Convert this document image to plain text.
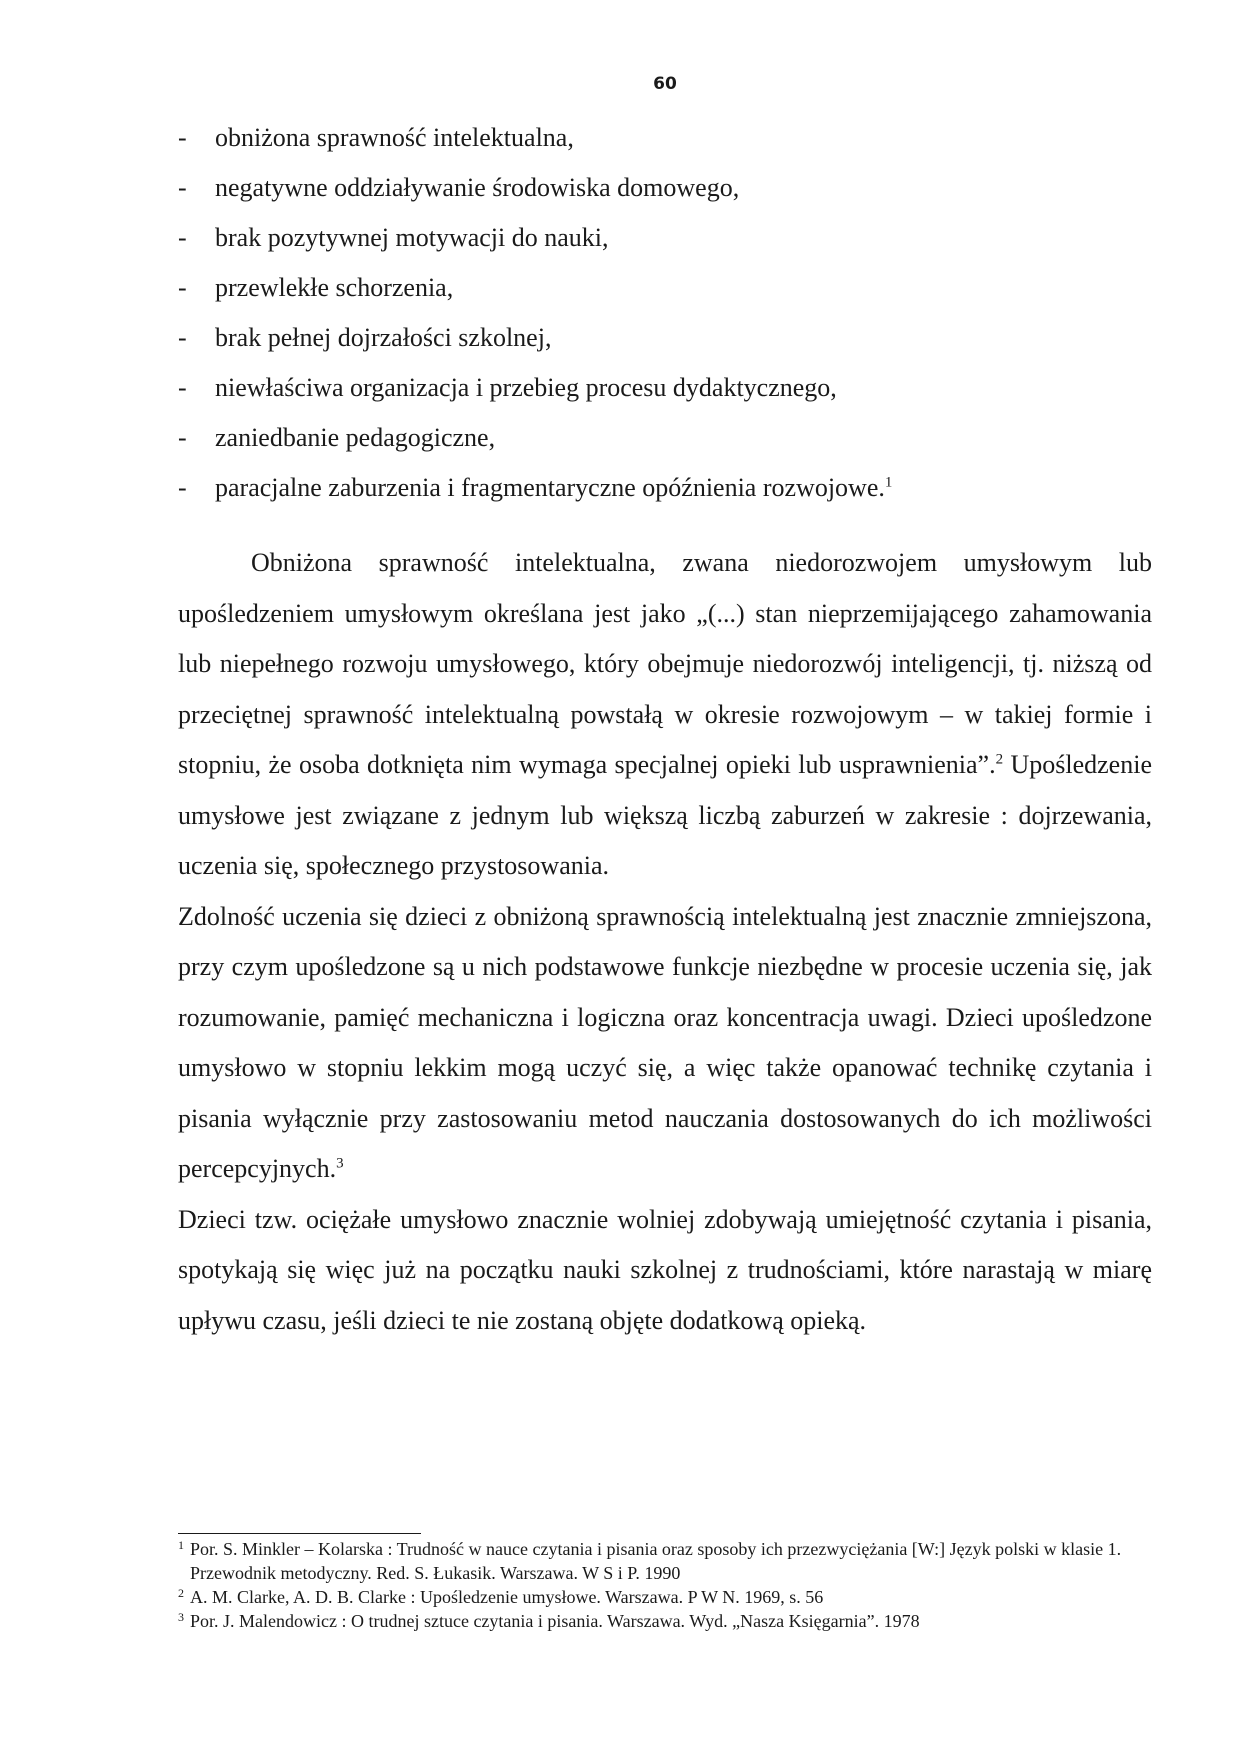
60
- obniżona sprawność intelektualna,
- negatywne oddziaływanie środowiska domowego,
- brak pozytywnej motywacji do nauki,
- przewlekłe schorzenia,
- brak pełnej dojrzałości szkolnej,
- niewłaściwa organizacja i przebieg procesu dydaktycznego,
- zaniedbanie pedagogiczne,
- paracjalne zaburzenia i fragmentaryczne opóźnienia rozwojowe.$^1$

Obniżona sprawność intelektualna, zwana niedorozwojem umysłowym lub upośledzeniem umysłowym określana jest jako „(...) stan nieprzemijającego zahamowania lub niepełnego rozwoju umysłowego, który obejmuje niedorozwój inteligencji, tj. niższą od przeciętnej sprawność intelektualną powstałą w okresie rozwojowym – w takiej formie i stopniu, że osoba dotknięta nim wymaga specjalnej opieki lub usprawnienia”.$^2$ Upośledzenie umysłowe jest związane z jednym lub większą liczbą zaburzeń w zakresie : dojrzewania, uczenia się, społecznego przystosowania.

Zdolność uczenia się dzieci z obniżoną sprawnością intelektualną jest znacznie zmniejszona, przy czym upośledzone są u nich podstawowe funkcje niezbędne w procesie uczenia się, jak rozumowanie, pamięć mechaniczna i logiczna oraz koncentracja uwagi. Dzieci upośledzone umysłowo w stopniu lekkim mogą uczyć się, a więc także opanować technikę czytania i pisania wyłącznie przy zastosowaniu metod nauczania dostosowanych do ich możliwości percepcyjnych.$^3$

Dzieci tzw. ociężałe umysłowo znacznie wolniej zdobywają umiejętność czytania i pisania, spotykają się więc już na początku nauki szkolnej z trudnościami, które narastają w miarę upływu czasu, jeśli dzieci te nie zostaną objęte dodatkową opieką.

1 Por. S. Minkler – Kolarska : Trudność w nauce czytania i pisania oraz sposoby ich przezwyciężania [W:] Język polski w klasie 1. Przewodnik metodyczny. Red. S. Łukasik. Warszawa. W S i P. 1990
2 A. M. Clarke, A. D. B. Clarke : Upośledzenie umysłowe. Warszawa. P W N. 1969, s. 56
3 Por. J. Malendowicz : O trudnej sztuce czytania i pisania. Warszawa. Wyd. „Nasza Księgarnia”. 1978
